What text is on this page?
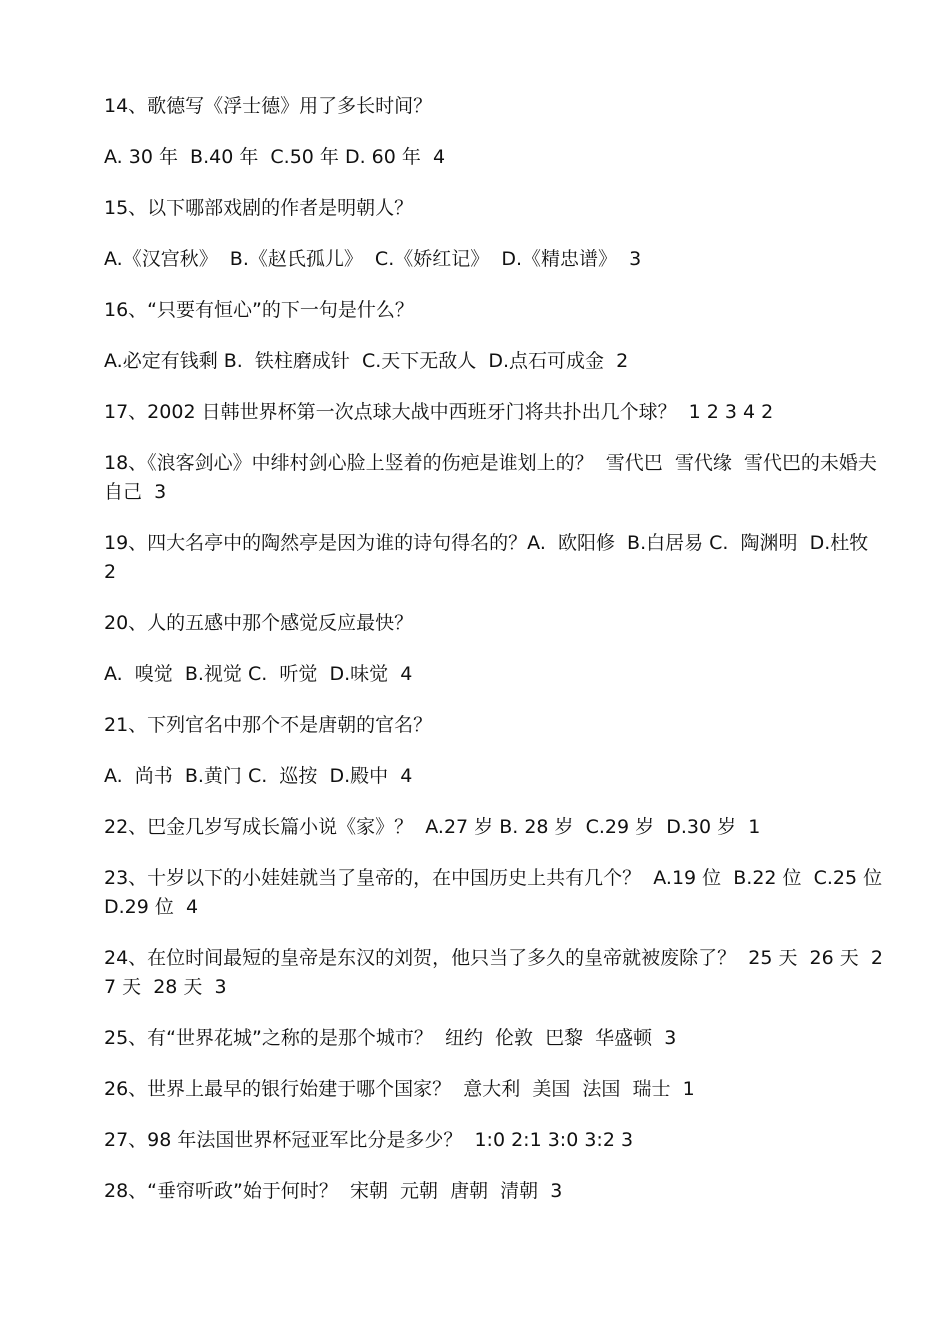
14、歌德写《浮士德》用了多长时间？

A. 30 年  B.40 年  C.50 年 D. 60 年  4

15、以下哪部戏剧的作者是明朝人？

A.《汉宫秋》  B.《赵氏孤儿》  C.《娇红记》  D.《精忠谱》  3

16、“只要有恒心”的下一句是什么？

A.必定有钱剩 B.  铁柱磨成针  C.天下无敌人  D.点石可成金  2

17、2002 日韩世界杯第一次点球大战中西班牙门将共扑出几个球？  1 2 3 4 2

18、《浪客剑心》中绯村剑心脸上竖着的伤疤是谁划上的？  雪代巴  雪代缘  雪代巴的未婚夫  自己  3

19、四大名亭中的陶然亭是因为谁的诗句得名的？A.  欧阳修  B.白居易 C.  陶渊明  D.杜牧  2

20、人的五感中那个感觉反应最快？

A.  嗅觉  B.视觉 C.  听觉  D.味觉  4

21、下列官名中那个不是唐朝的官名？

A.  尚书  B.黄门 C.  巡按  D.殿中  4

22、巴金几岁写成长篇小说《家》？  A.27 岁 B. 28 岁  C.29 岁  D.30 岁  1

23、十岁以下的小娃娃就当了皇帝的，在中国历史上共有几个？  A.19 位  B.22 位  C.25 位  D.29 位  4

24、在位时间最短的皇帝是东汉的刘贺，他只当了多久的皇帝就被废除了？  25 天  26 天  27 天  28 天  3

25、有“世界花城”之称的是那个城市？  纽约  伦敦  巴黎  华盛顿  3

26、世界上最早的银行始建于哪个国家？  意大利  美国  法国  瑞士  1

27、98 年法国世界杯冠亚军比分是多少？  1:0 2:1 3:0 3:2 3

28、“垂帘听政”始于何时？  宋朝  元朝  唐朝  清朝  3
